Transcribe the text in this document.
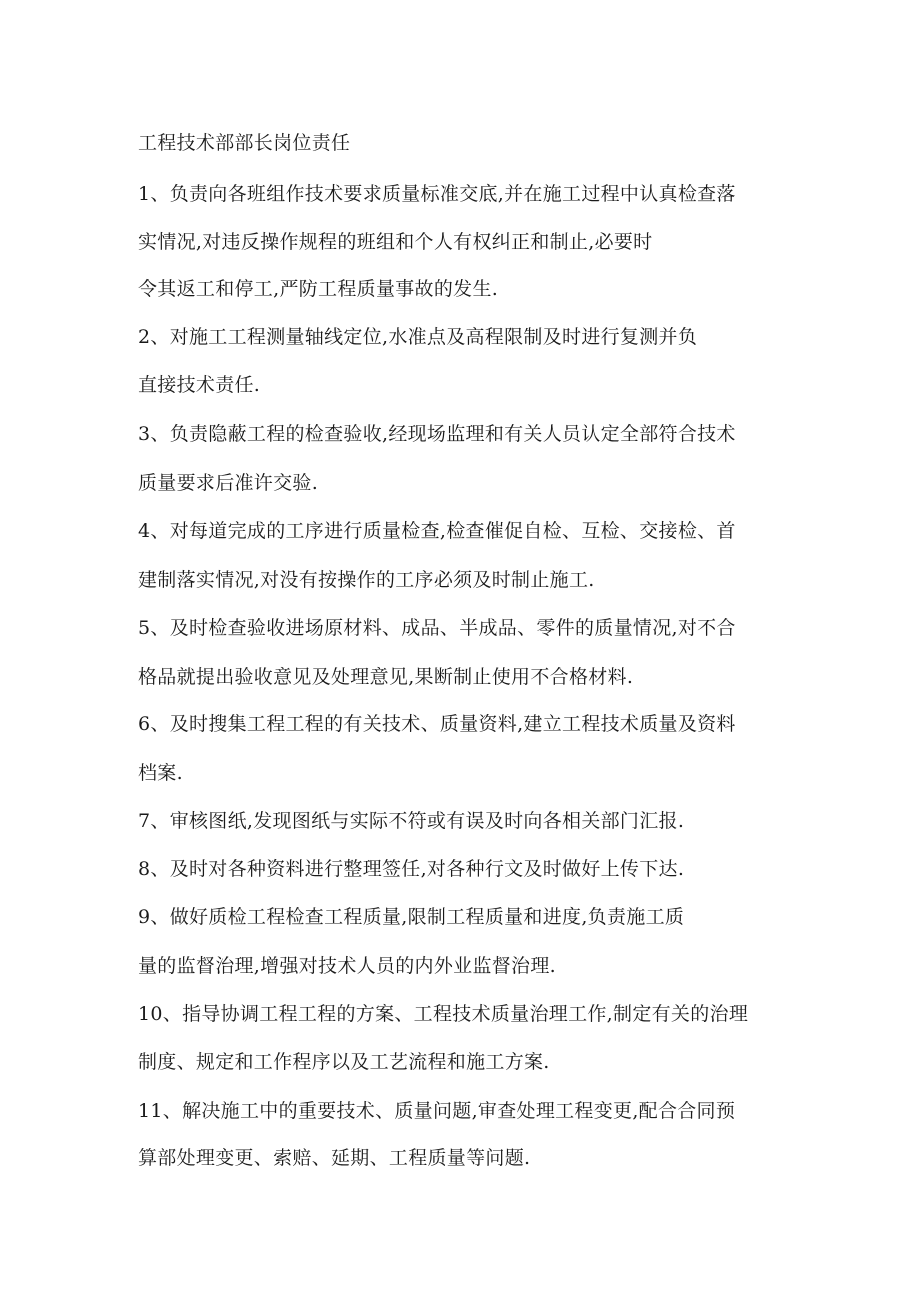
工程技术部部长岗位责任
1、负责向各班组作技术要求质量标准交底,并在施工过程中认真检查落
实情况,对违反操作规程的班组和个人有权纠正和制止,必要时
令其返工和停工,严防工程质量事故的发生.
2、对施工工程测量轴线定位,水准点及高程限制及时进行复测并负
直接技术责任.
3、负责隐蔽工程的检查验收,经现场监理和有关人员认定全部符合技术
质量要求后准许交验.
4、对每道完成的工序进行质量检查,检查催促自检、互检、交接检、首
建制落实情况,对没有按操作的工序必须及时制止施工.
5、及时检查验收进场原材料、成品、半成品、零件的质量情况,对不合
格品就提出验收意见及处理意见,果断制止使用不合格材料.
6、及时搜集工程工程的有关技术、质量资料,建立工程技术质量及资料
档案.
7、审核图纸,发现图纸与实际不符或有误及时向各相关部门汇报.
8、及时对各种资料进行整理签任,对各种行文及时做好上传下达.
9、做好质检工程检查工程质量,限制工程质量和进度,负责施工质
量的监督治理,增强对技术人员的内外业监督治理.
10、指导协调工程工程的方案、工程技术质量治理工作,制定有关的治理
制度、规定和工作程序以及工艺流程和施工方案.
11、解决施工中的重要技术、质量问题,审查处理工程变更,配合合同预
算部处理变更、索赔、延期、工程质量等问题.
